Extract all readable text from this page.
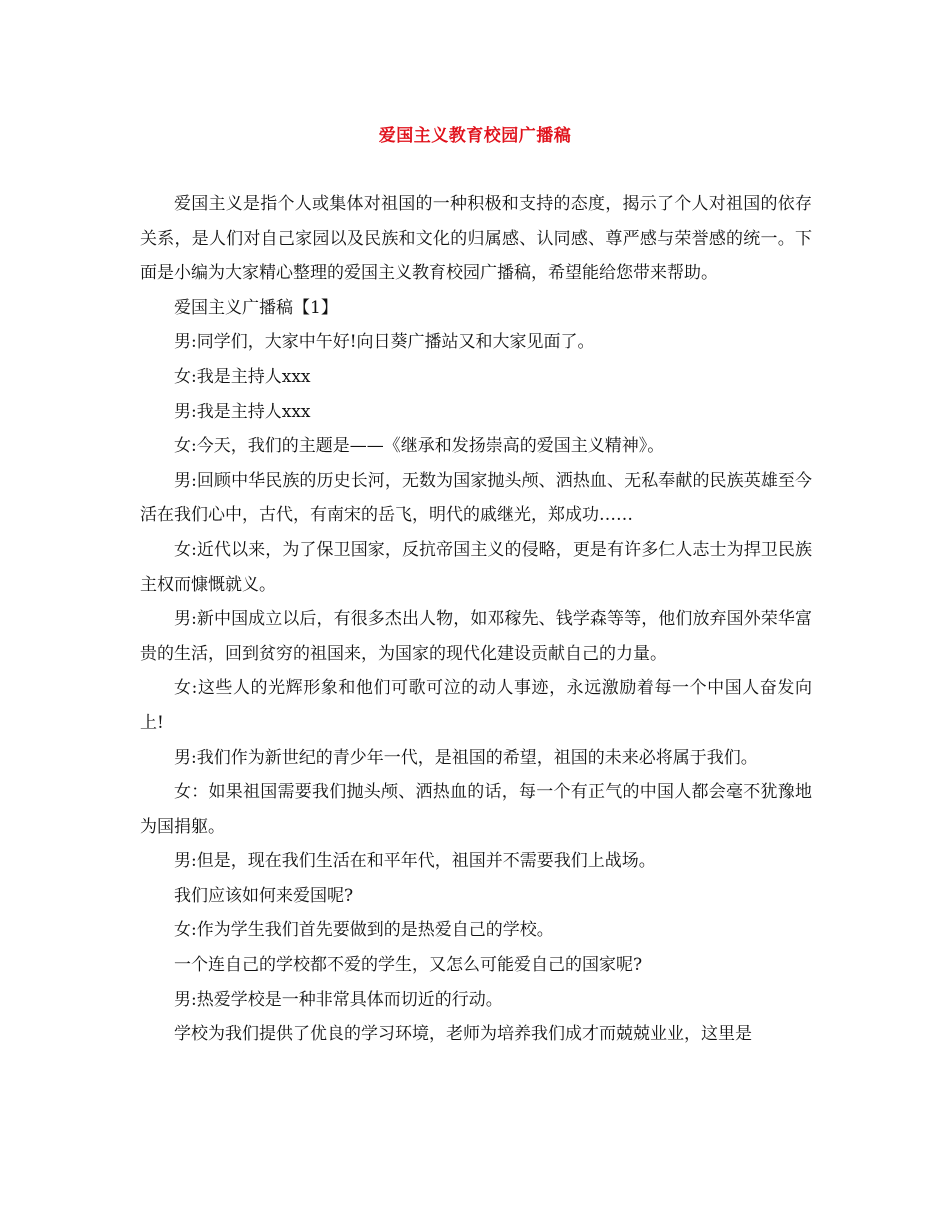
爱国主义教育校园广播稿

爱国主义是指个人或集体对祖国的一种积极和支持的态度，揭示了个人对祖国的依存关系，是人们对自己家园以及民族和文化的归属感、认同感、尊严感与荣誉感的统一。下面是小编为大家精心整理的爱国主义教育校园广播稿，希望能给您带来帮助。

爱国主义广播稿【1】

男:同学们，大家中午好!向日葵广播站又和大家见面了。

女:我是主持人xxx

男:我是主持人xxx

女:今天，我们的主题是——《继承和发扬崇高的爱国主义精神》。

男:回顾中华民族的历史长河，无数为国家抛头颅、洒热血、无私奉献的民族英雄至今活在我们心中，古代，有南宋的岳飞，明代的戚继光，郑成功……

女:近代以来，为了保卫国家，反抗帝国主义的侵略，更是有许多仁人志士为捍卫民族主权而慷慨就义。

男:新中国成立以后，有很多杰出人物，如邓稼先、钱学森等等，他们放弃国外荣华富贵的生活，回到贫穷的祖国来，为国家的现代化建设贡献自己的力量。

女:这些人的光辉形象和他们可歌可泣的动人事迹，永远激励着每一个中国人奋发向上!

男:我们作为新世纪的青少年一代，是祖国的希望，祖国的未来必将属于我们。

女：如果祖国需要我们抛头颅、洒热血的话，每一个有正气的中国人都会毫不犹豫地为国捐躯。

男:但是，现在我们生活在和平年代，祖国并不需要我们上战场。

我们应该如何来爱国呢?

女:作为学生我们首先要做到的是热爱自己的学校。

一个连自己的学校都不爱的学生，又怎么可能爱自己的国家呢?

男:热爱学校是一种非常具体而切近的行动。

学校为我们提供了优良的学习环境，老师为培养我们成才而兢兢业业，这里是
